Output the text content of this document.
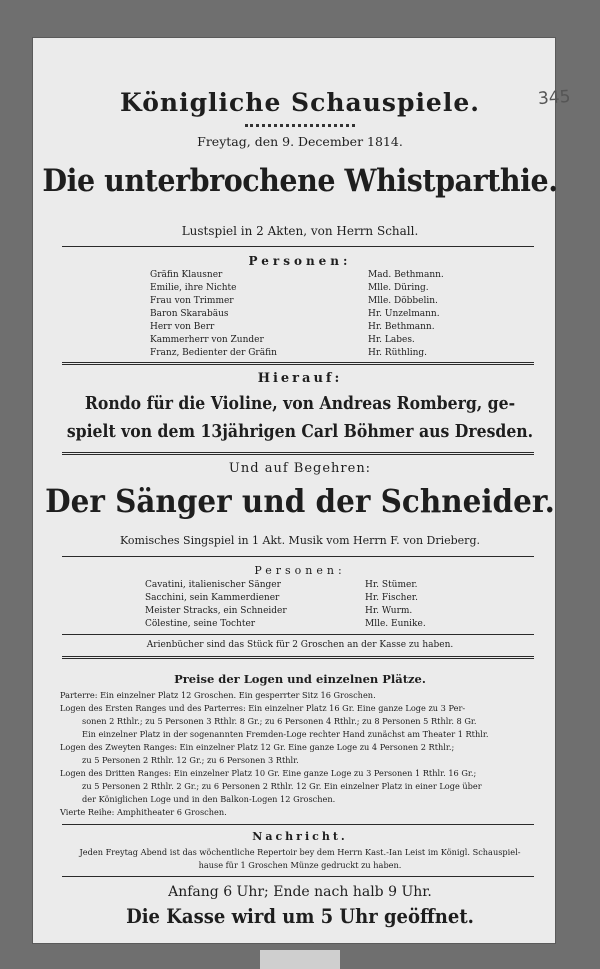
Königliche Schauspiele.	345
Freytag, den 9. December 1814.
Die unterbrochene Whistparthie.
Lustspiel in 2 Akten, von Herrn Schall.
Personen:
Gräfin Klausner	Mad. Bethmann.
Emilie, ihre Nichte	Mlle. Düring.
Frau von Trimmer	Mlle. Döbbelin.
Baron Skarabäus	Hr. Unzelmann.
Herr von Berr	Hr. Bethmann.
Kammerherr von Zunder	Hr. Labes.
Franz, Bedienter der Gräfin	Hr. Rüthling.
Hierauf:
Rondo für die Violine, von Andreas Romberg, ge-
spielt von dem 13jährigen Carl Böhmer aus Dresden.
Und auf Begehren:
Der Sänger und der Schneider.
Komisches Singspiel in 1 Akt. Musik vom Herrn F. von Drieberg.
Personen:
Cavatini, italienischer Sänger	Hr. Stümer.
Sacchini, sein Kammerdiener	Hr. Fischer.
Meister Stracks, ein Schneider	Hr. Wurm.
Cölestine, seine Tochter	Mlle. Eunike.
Arienbücher sind das Stück für 2 Groschen an der Kasse zu haben.
Preise der Logen und einzelnen Plätze.
Parterre: Ein einzelner Platz 12 Groschen. Ein gesperrter Sitz 16 Groschen.
Logen des Ersten Ranges und des Parterres: Ein einzelner Platz 16 Gr. Eine ganze Loge zu 3 Per-
sonen 2 Rthlr.; zu 5 Personen 3 Rthlr. 8 Gr.; zu 6 Personen 4 Rthlr.; zu 8 Personen 5 Rthlr. 8 Gr.
Ein einzelner Platz in der sogenannten Fremden-Loge rechter Hand zunächst am Theater 1 Rthlr.
Logen des Zweyten Ranges: Ein einzelner Platz 12 Gr. Eine ganze Loge zu 4 Personen 2 Rthlr.;
zu 5 Personen 2 Rthlr. 12 Gr.; zu 6 Personen 3 Rthlr.
Logen des Dritten Ranges: Ein einzelner Platz 10 Gr. Eine ganze Loge zu 3 Personen 1 Rthlr. 16 Gr.;
zu 5 Personen 2 Rthlr. 2 Gr.; zu 6 Personen 2 Rthlr. 12 Gr. Ein einzelner Platz in einer Loge über
der Königlichen Loge und in den Balkon-Logen 12 Groschen.
Vierte Reihe: Amphitheater 6 Groschen.
Nachricht.
Jeden Freytag Abend ist das wöchentliche Repertoir bey dem Herrn Kast.-Ian Leist im Königl. Schauspiel-
hause für 1 Groschen Münze gedruckt zu haben.
Anfang 6 Uhr; Ende nach halb 9 Uhr.
Die Kasse wird um 5 Uhr geöffnet.
